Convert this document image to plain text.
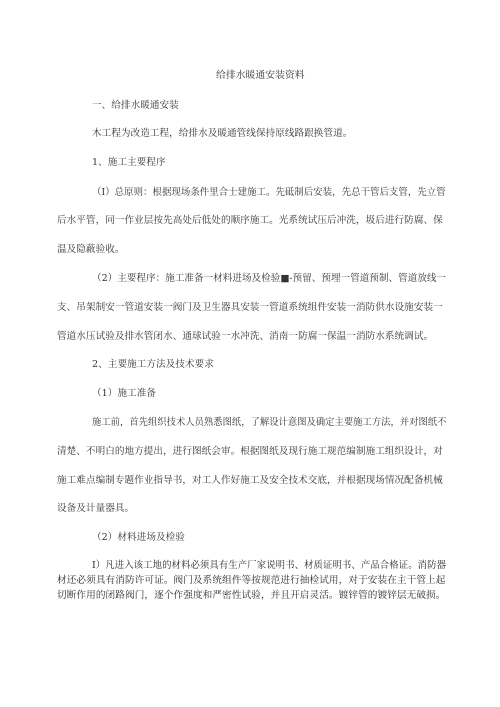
给排水暖通安装资料
一、给排水暖通安装
木工程为改造工程，给排水及暖通管线保持原线路跟换管道。
1、施工主要程序
（I）总原则：根据现场条件里合士建施工。先砥制后安装，先总干管后支管，先立管
后水平管，同一作业层按先高处后低处的顺序施工。光系统试压后冲洗，圾后进行防腐、保
温及隐蔽验收。
（2）主要程序：施工准备一材料进场及检验■-预留、预埋一管道预制、管道放线一
支、吊架制安一管道安装一阀门及卫生器具安装一管道系统组件安装一消防供水设施安装一
管道水压试验及排水管闭水、通球试验一水冲洗、消南一防腐一保温一消防水系统调试。
2、主要施工方法及技术要求
（1）施工准备
施工前，首先组织技术人员熟悉图纸，了解设计意图及确定主要施工方法，并对图纸不
清楚、不明白的地方提出，进行图纸会审。根据图纸及现行施工规范编制施工组织设计，对
施工难点编制专题作业指导书，对工人作好施工及安全技术交底，并根据现场情况配备机械
设备及计量器具。
（2）材料进场及检验
I）凡进入该工地的材料必须具有生产厂家说明书、材质证明书、产品合格证。消防器
材还必须具有消防许可证。阀门及系统组件等按规范进行抽检试用，对于安装在主干管上起
切断作用的闭路阀门，逐个作强度和严密性试验，并且开启灵活。镀锌管的镀锌层无破损。
